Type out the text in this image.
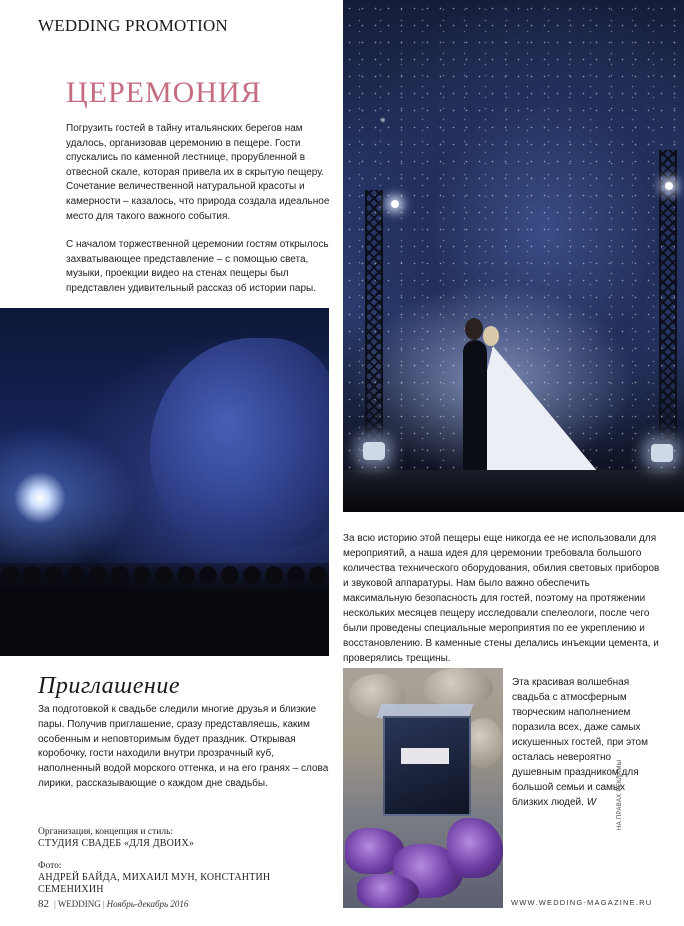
WEDDING PROMOTION
ЦЕРЕМОНИЯ

Погрузить гостей в тайну итальянских берегов нам удалось, организовав церемонию в пещере. Гости спускались по каменной лестнице, прорубленной в отвесной скале, которая привела их в скрытую пещеру. Сочетание величественной натуральной красоты и камерности – казалось, что природа создала идеальное место для такого важного события.

С началом торжественной церемонии гостям открылось захватывающее представление – с помощью света, музыки, проекции видео на стенах пещеры был представлен удивительный рассказ об истории пары.

За всю историю этой пещеры еще никогда ее не использовали для мероприятий, а наша идея для церемонии требовала большого количества технического оборудования, обилия световых приборов и звуковой аппаратуры. Нам было важно обеспечить максимальную безопасность для гостей, поэтому на протяжении нескольких месяцев пещеру исследовали спелеологи, после чего были проведены специальные мероприятия по ее укреплению и восстановлению. В каменные стены делались инъекции цемента, и проверялись трещины.

Приглашение

За подготовкой к свадьбе следили многие друзья и близкие пары. Получив приглашение, сразу представляешь, каким особенным и неповторимым будет праздник. Открывая коробочку, гости находили внутри прозрачный куб, наполненный водой морского оттенка, и на его гранях – слова лирики, рассказывающие о каждом дне свадьбы.

Эта красивая волшебная свадьба с атмосферным творческим наполнением поразила всех, даже самых искушенных гостей, при этом осталась невероятно душевным праздником для большой семьи и самых близких людей. W

Организация, концепция и стиль:
СТУДИЯ СВАДЕБ «ДЛЯ ДВОИХ»
Фото:
АНДРЕЙ БАЙДА, МИХАИЛ МУН, КОНСТАНТИН СЕМЕНИХИН
НА ПРАВАХ РЕКЛАМЫ
82 | WEDDING | Ноябрь-декабрь 2016	WWW.WEDDING-MAGAZINE.RU
